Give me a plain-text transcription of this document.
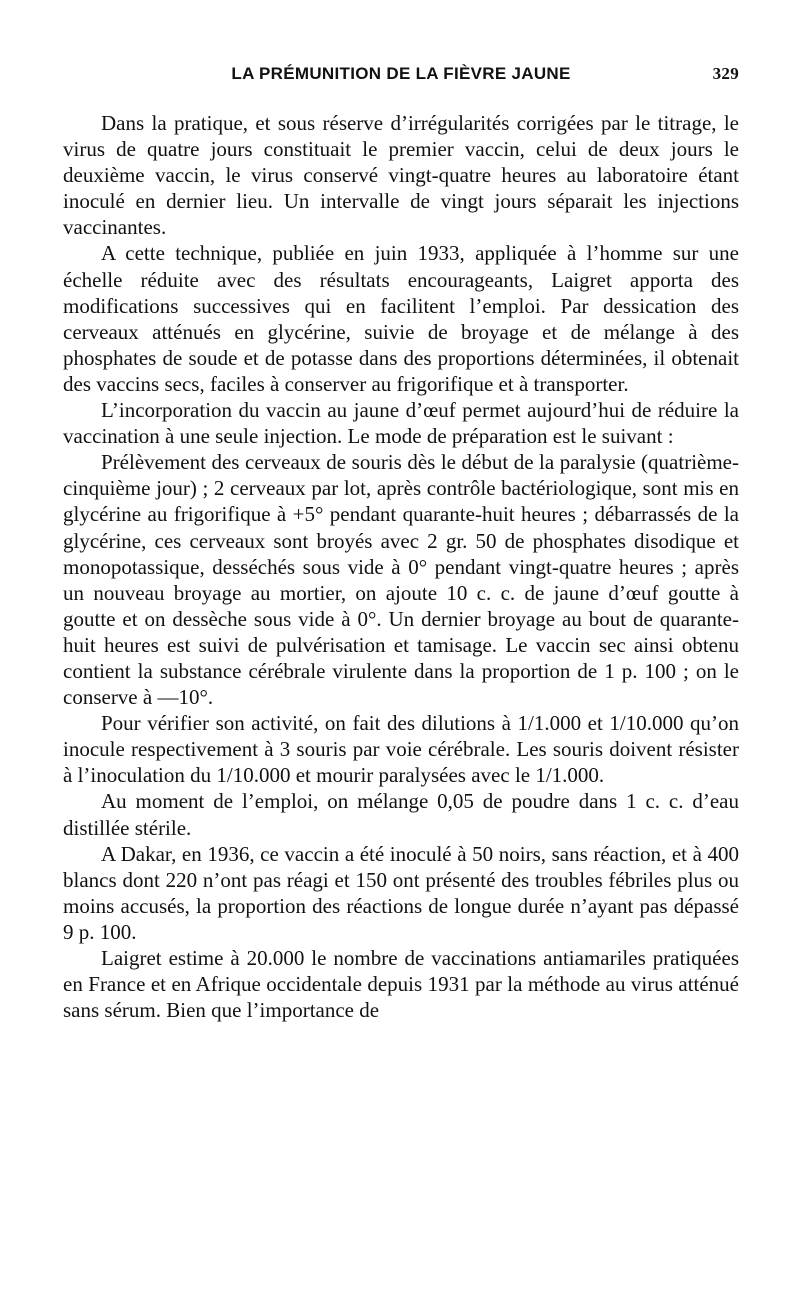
LA PRÉMUNITION DE LA FIÈVRE JAUNE	329

Dans la pratique, et sous réserve d’irrégularités corrigées par le titrage, le virus de quatre jours constituait le premier vaccin, celui de deux jours le deuxième vaccin, le virus conservé vingt-quatre heures au laboratoire étant inoculé en dernier lieu. Un intervalle de vingt jours séparait les injections vaccinantes.

A cette technique, publiée en juin 1933, appliquée à l’homme sur une échelle réduite avec des résultats encourageants, Laigret apporta des modifications successives qui en facilitent l’emploi. Par dessication des cerveaux atténués en glycérine, suivie de broyage et de mélange à des phosphates de soude et de potasse dans des proportions déterminées, il obtenait des vaccins secs, faciles à conserver au frigorifique et à transporter.

L’incorporation du vaccin au jaune d’œuf permet aujourd’hui de réduire la vaccination à une seule injection. Le mode de préparation est le suivant :

Prélèvement des cerveaux de souris dès le début de la paralysie (quatrième-cinquième jour) ; 2 cerveaux par lot, après contrôle bactériologique, sont mis en glycérine au frigorifique à +5° pendant quarante-huit heures ; débarrassés de la glycérine, ces cerveaux sont broyés avec 2 gr. 50 de phosphates disodique et monopotassique, desséchés sous vide à 0° pendant vingt-quatre heures ; après un nouveau broyage au mortier, on ajoute 10 c. c. de jaune d’œuf goutte à goutte et on dessèche sous vide à 0°. Un dernier broyage au bout de quarante-huit heures est suivi de pulvérisation et tamisage. Le vaccin sec ainsi obtenu contient la substance cérébrale virulente dans la proportion de 1 p. 100 ; on le conserve à —10°.

Pour vérifier son activité, on fait des dilutions à 1/1.000 et 1/10.000 qu’on inocule respectivement à 3 souris par voie cérébrale. Les souris doivent résister à l’inoculation du 1/10.000 et mourir paralysées avec le 1/1.000.

Au moment de l’emploi, on mélange 0,05 de poudre dans 1 c. c. d’eau distillée stérile.

A Dakar, en 1936, ce vaccin a été inoculé à 50 noirs, sans réaction, et à 400 blancs dont 220 n’ont pas réagi et 150 ont présenté des troubles fébriles plus ou moins accusés, la proportion des réactions de longue durée n’ayant pas dépassé 9 p. 100.

Laigret estime à 20.000 le nombre de vaccinations antiamariles pratiquées en France et en Afrique occidentale depuis 1931 par la méthode au virus atténué sans sérum. Bien que l’importance de
